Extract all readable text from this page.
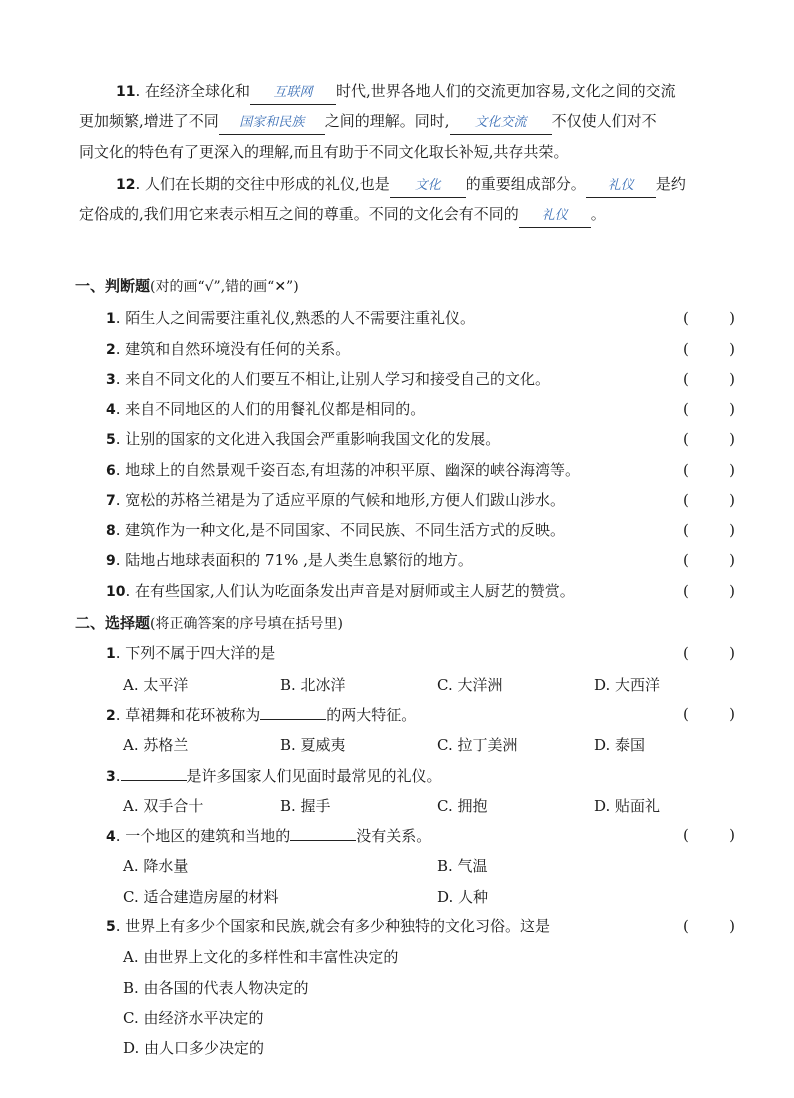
11. 在经济全球化和 互联网 时代,世界各地人们的交流更加容易,文化之间的交流
更加频繁,增进了不同 国家和民族 之间的理解。同时, 文化交流 不仅使人们对不
同文化的特色有了更深入的理解,而且有助于不同文化取长补短,共存共荣。
12. 人们在长期的交往中形成的礼仪,也是 文化 的重要组成部分。 礼仪 是约
定俗成的,我们用它来表示相互之间的尊重。不同的文化会有不同的 礼仪 。
一、判断题(对的画“√”,错的画“✕”)
1. 陌生人之间需要注重礼仪,熟悉的人不需要注重礼仪。	(	)
2. 建筑和自然环境没有任何的关系。	(	)
3. 来自不同文化的人们要互不相让,让别人学习和接受自己的文化。	(	)
4. 来自不同地区的人们的用餐礼仪都是相同的。	(	)
5. 让别的国家的文化进入我国会严重影响我国文化的发展。	(	)
6. 地球上的自然景观千姿百态,有坦荡的冲积平原、幽深的峡谷海湾等。	(	)
7. 宽松的苏格兰裙是为了适应平原的气候和地形,方便人们跋山涉水。	(	)
8. 建筑作为一种文化,是不同国家、不同民族、不同生活方式的反映。	(	)
9. 陆地占地球表面积的 71% ,是人类生息繁衍的地方。	(	)
10. 在有些国家,人们认为吃面条发出声音是对厨师或主人厨艺的赞赏。	(	)
二、选择题(将正确答案的序号填在括号里)
1. 下列不属于四大洋的是	(	)
A. 太平洋	B. 北冰洋	C. 大洋洲	D. 大西洋
2. 草裙舞和花环被称为	的两大特征。	(	)
A. 苏格兰	B. 夏威夷	C. 拉丁美洲	D. 泰国
3.	是许多国家人们见面时最常见的礼仪。
A. 双手合十	B. 握手	C. 拥抱	D. 贴面礼
4. 一个地区的建筑和当地的	没有关系。	(	)
A. 降水量	B. 气温
C. 适合建造房屋的材料	D. 人种
5. 世界上有多少个国家和民族,就会有多少种独特的文化习俗。这是	(	)
A. 由世界上文化的多样性和丰富性决定的
B. 由各国的代表人物决定的
C. 由经济水平决定的
D. 由人口多少决定的
